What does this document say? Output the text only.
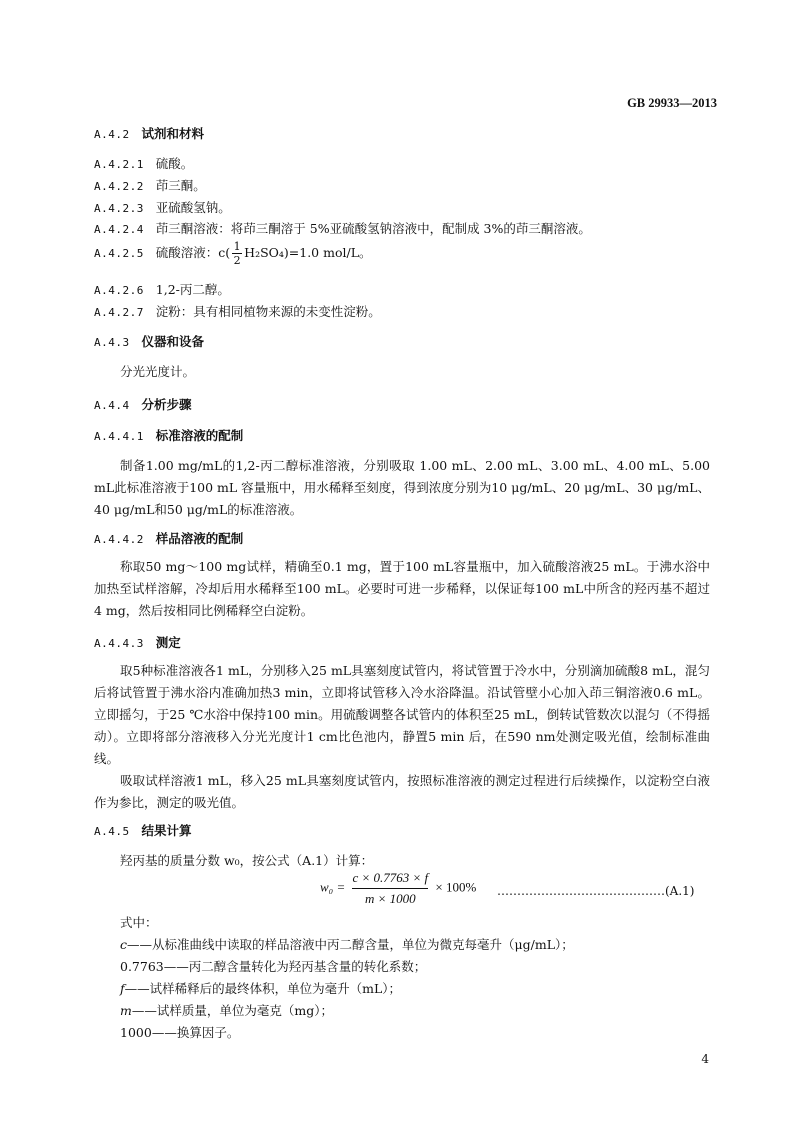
GB 29933—2013
A.4.2 试剂和材料
A.4.2.1 硫酸。
A.4.2.2 茚三酮。
A.4.2.3 亚硫酸氢钠。
A.4.2.4 茚三酮溶液：将茚三酮溶于 5%亚硫酸氢钠溶液中，配制成 3%的茚三酮溶液。
A.4.2.5 硫酸溶液：$c( \frac{1}{2} H_2SO_4)=1.0$ mol/L。
A.4.2.6 1,2-丙二醇。
A.4.2.7 淀粉：具有相同植物来源的未变性淀粉。
A.4.3 仪器和设备
分光光度计。
A.4.4 分析步骤
A.4.4.1 标准溶液的配制
制备1.00 mg/mL的1,2-丙二醇标准溶液，分别吸取 1.00 mL、2.00 mL、3.00 mL、4.00 mL、5.00 mL此标准溶液于100 mL 容量瓶中，用水稀释至刻度，得到浓度分别为10 μg/mL、20 μg/mL、30 μg/mL、40 μg/mL和50 μg/mL的标准溶液。
A.4.4.2 样品溶液的配制
称取50 mg～100 mg试样，精确至0.1 mg，置于100 mL容量瓶中，加入硫酸溶液25 mL。于沸水浴中加热至试样溶解，冷却后用水稀释至100 mL。必要时可进一步稀释，以保证每100 mL中所含的羟丙基不超过4 mg，然后按相同比例稀释空白淀粉。
A.4.4.3 测定
取5种标准溶液各1 mL，分别移入25 mL具塞刻度试管内，将试管置于冷水中，分别滴加硫酸8 mL，混匀后将试管置于沸水浴内准确加热3 min，立即将试管移入冷水浴降温。沿试管壁小心加入茚三铜溶液0.6 mL。立即摇匀，于25 ℃水浴中保持100 min。用硫酸调整各试管内的体积至25 mL，倒转试管数次以混匀（不得摇动）。立即将部分溶液移入分光光度计1 cm比色池内，静置5 min 后，在590 nm处测定吸光值，绘制标准曲线。
吸取试样溶液1 mL，移入25 mL具塞刻度试管内，按照标准溶液的测定过程进行后续操作，以淀粉空白液作为参比，测定的吸光值。
A.4.5 结果计算
羟丙基的质量分数 w₀，按公式（A.1）计算：
$w_0 = \frac{c \times 0.7763 \times f}{m \times 1000} \times 100\%$ ……………………………………(A.1)
式中：
c——从标准曲线中读取的样品溶液中丙二醇含量，单位为微克每毫升（μg/mL）；
0.7763——丙二醇含量转化为羟丙基含量的转化系数；
f——试样稀释后的最终体积，单位为毫升（mL）；
m——试样质量，单位为毫克（mg）；
1000——换算因子。
4
